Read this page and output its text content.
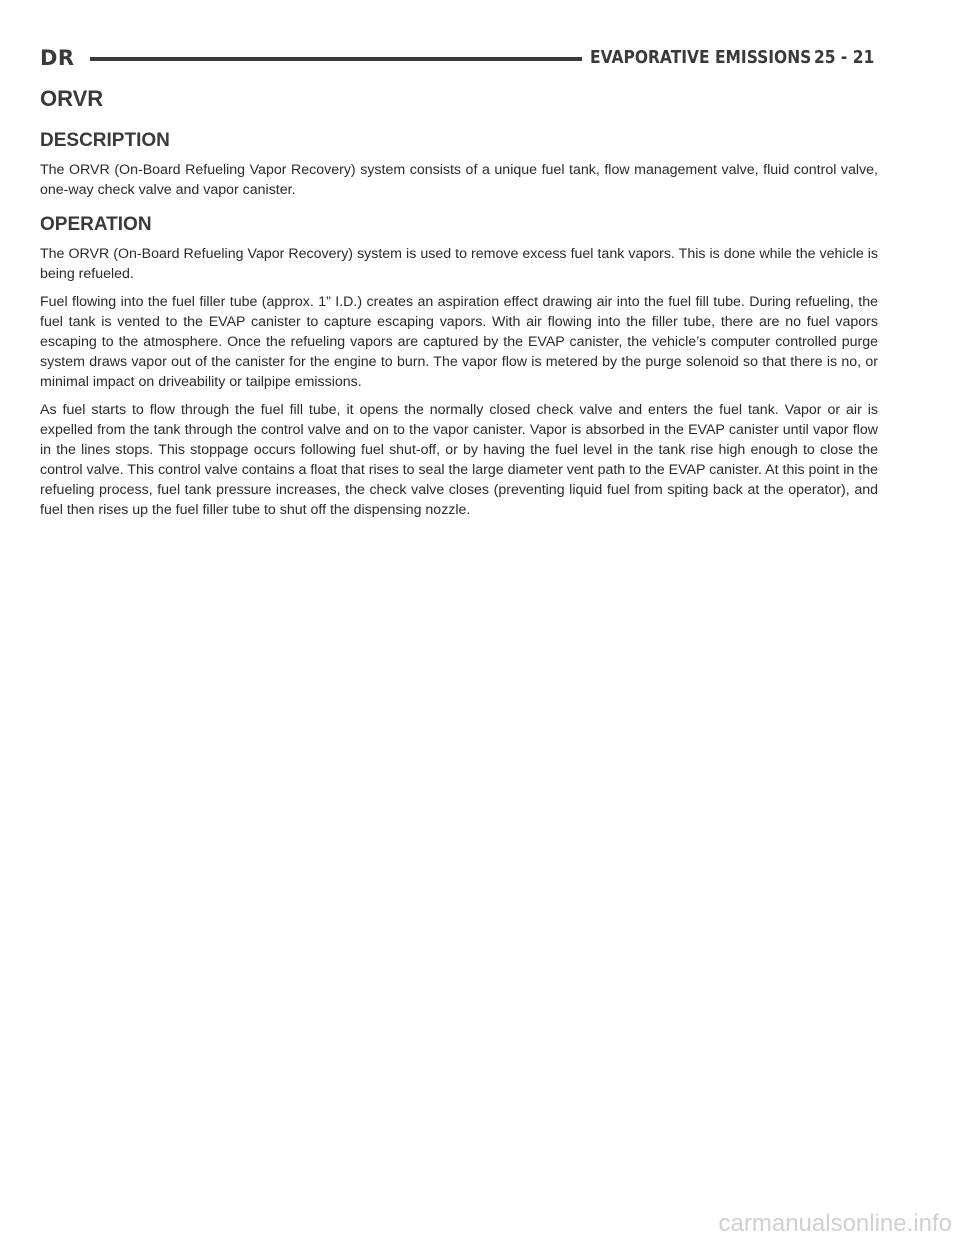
DR	EVAPORATIVE EMISSIONS 25 - 21
ORVR
DESCRIPTION

The ORVR (On-Board Refueling Vapor Recovery) system consists of a unique fuel tank, flow management valve, fluid control valve, one-way check valve and vapor canister.

OPERATION

The ORVR (On-Board Refueling Vapor Recovery) system is used to remove excess fuel tank vapors. This is done while the vehicle is being refueled.

Fuel flowing into the fuel filler tube (approx. 1” I.D.) creates an aspiration effect drawing air into the fuel fill tube. During refueling, the fuel tank is vented to the EVAP canister to capture escaping vapors. With air flowing into the filler tube, there are no fuel vapors escaping to the atmosphere. Once the refueling vapors are captured by the EVAP canister, the vehicle’s computer controlled purge system draws vapor out of the canister for the engine to burn. The vapor flow is metered by the purge solenoid so that there is no, or minimal impact on driveability or tailpipe emissions.

As fuel starts to flow through the fuel fill tube, it opens the normally closed check valve and enters the fuel tank. Vapor or air is expelled from the tank through the control valve and on to the vapor canister. Vapor is absorbed in the EVAP canister until vapor flow in the lines stops. This stoppage occurs following fuel shut-off, or by having the fuel level in the tank rise high enough to close the control valve. This control valve contains a float that rises to seal the large diameter vent path to the EVAP canister. At this point in the refueling process, fuel tank pressure increases, the check valve closes (preventing liquid fuel from spiting back at the operator), and fuel then rises up the fuel filler tube to shut off the dispensing nozzle.

carmanualsonline.info
